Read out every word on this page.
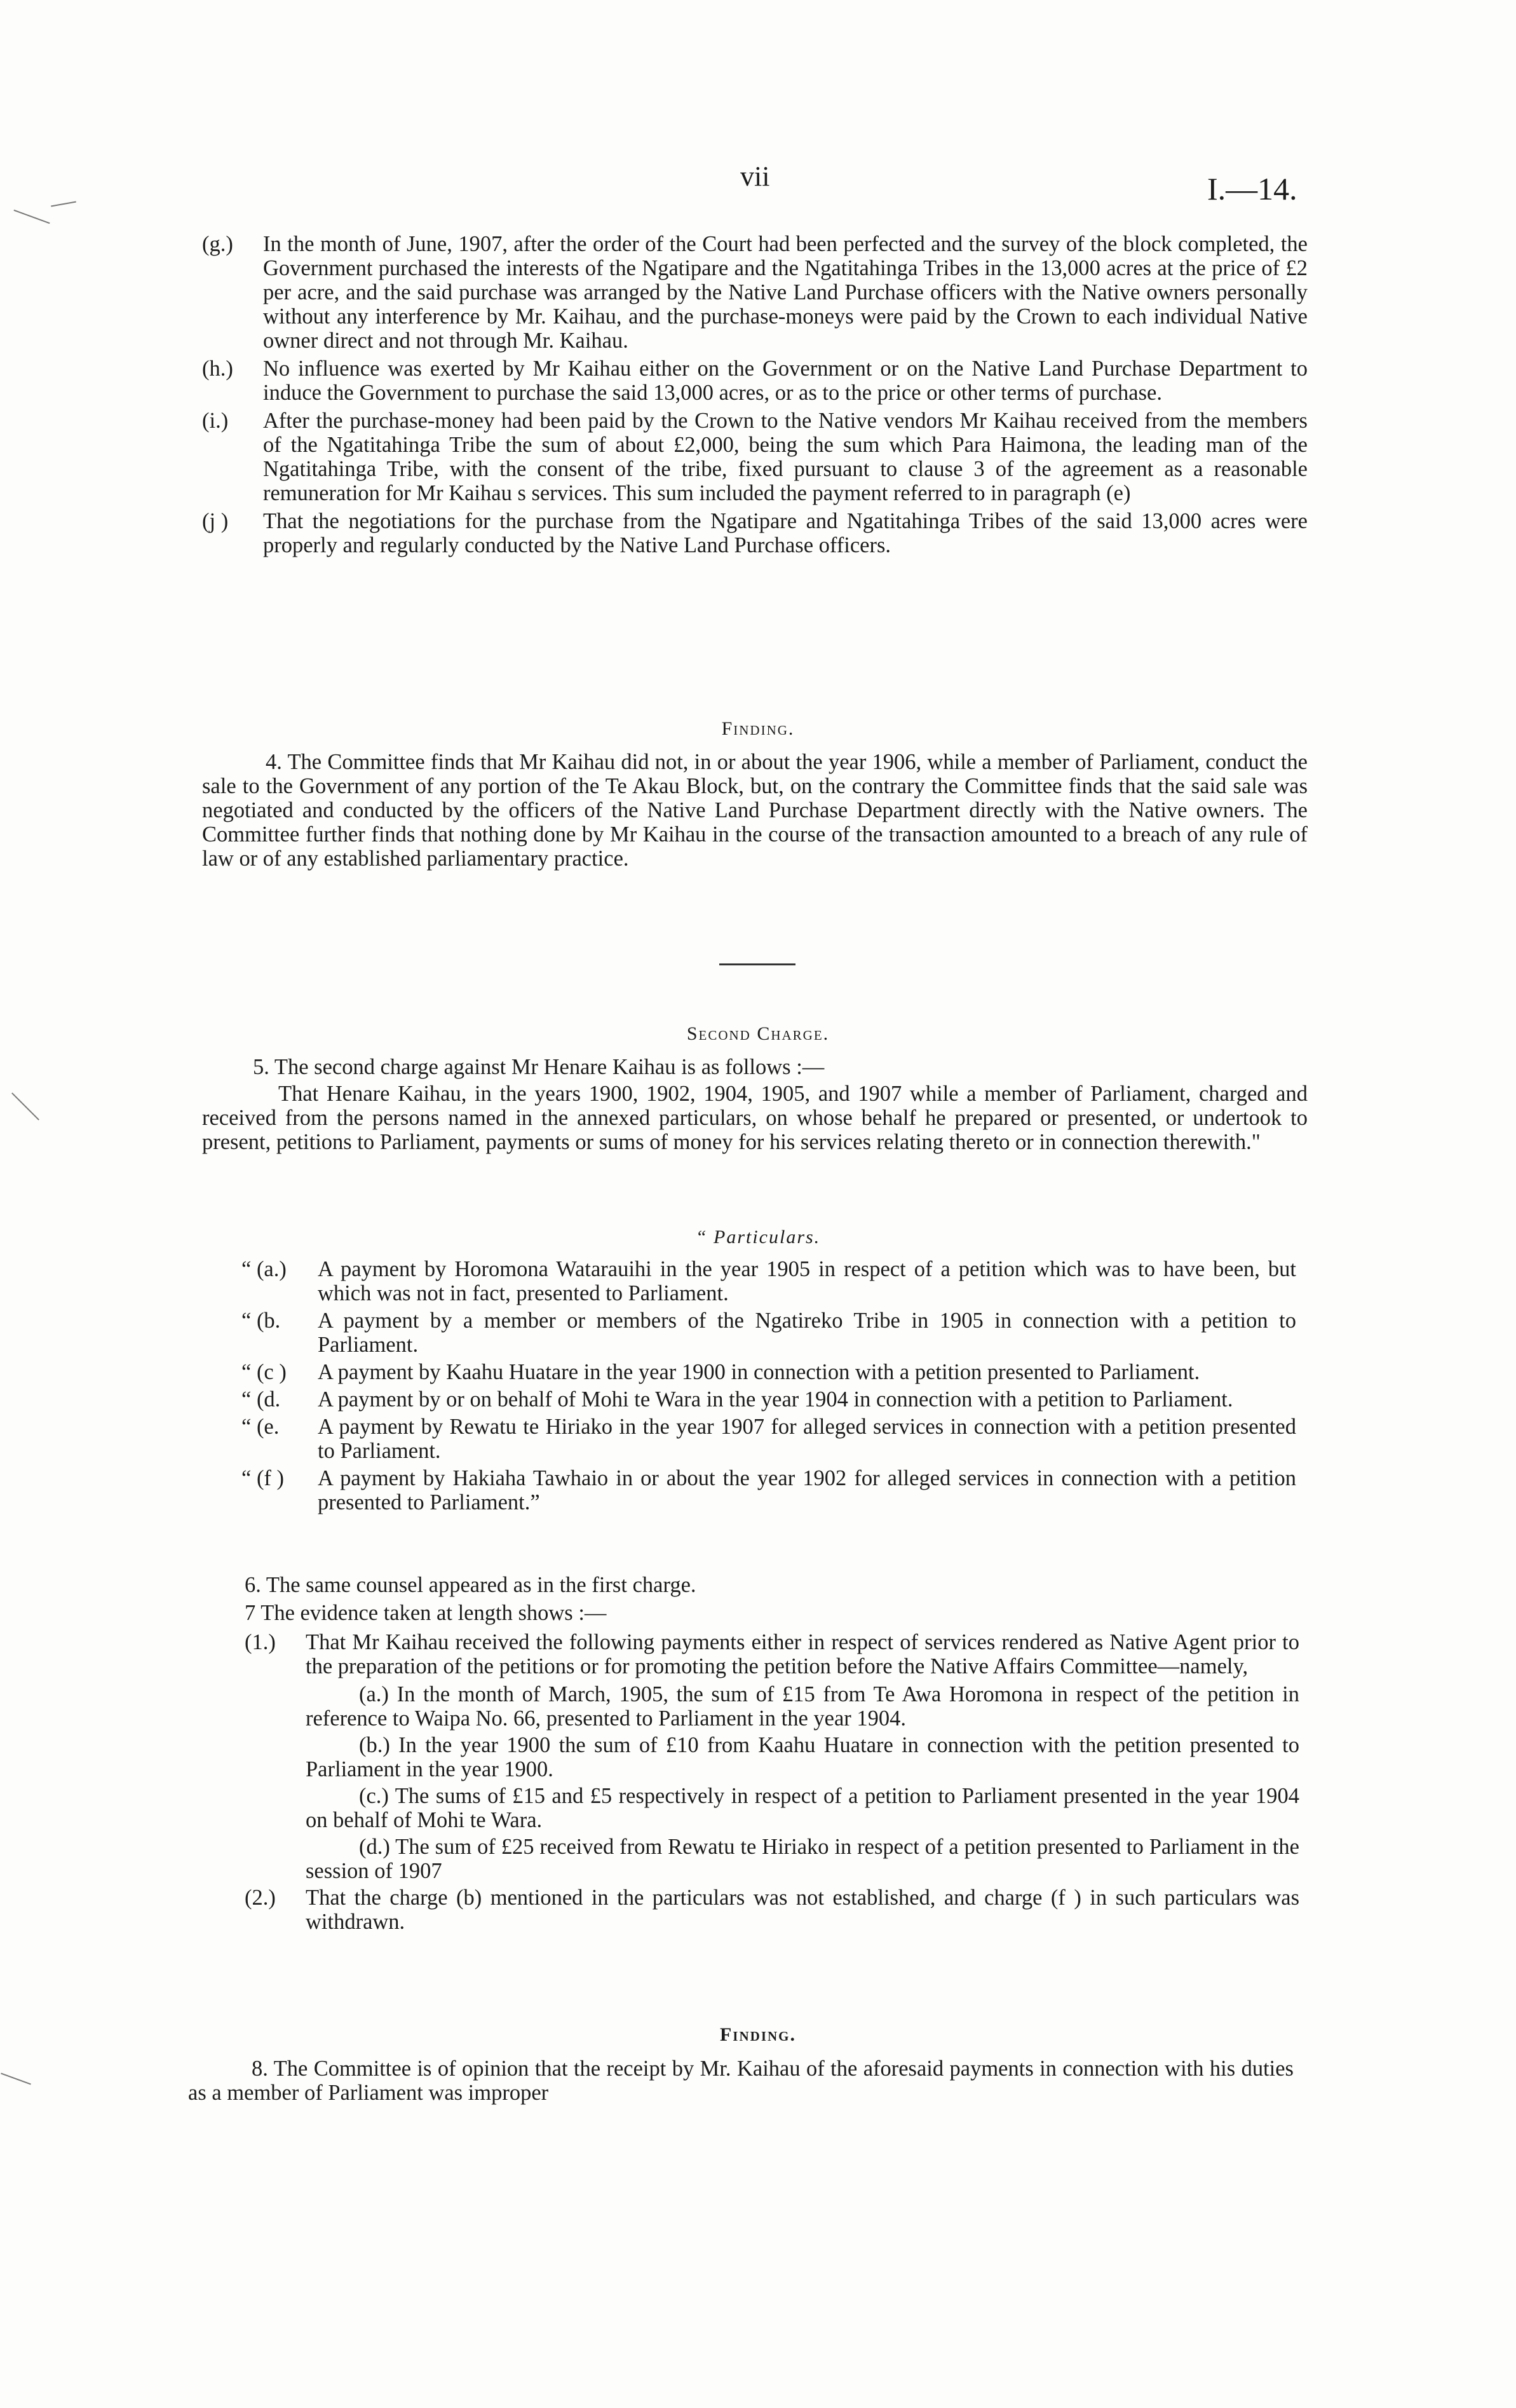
vii	I.—14.
(g.) In the month of June, 1907, after the order of the Court had been perfected and the survey of the block completed, the Government purchased the interests of the Ngatipare and the Ngatitahinga Tribes in the 13,000 acres at the price of £2 per acre, and the said purchase was arranged by the Native Land Purchase officers with the Native owners personally without any interference by Mr. Kaihau, and the purchase-moneys were paid by the Crown to each individual Native owner direct and not through Mr. Kaihau.
(h.) No influence was exerted by Mr Kaihau either on the Government or on the Native Land Purchase Department to induce the Government to purchase the said 13,000 acres, or as to the price or other terms of purchase.
(i.) After the purchase-money had been paid by the Crown to the Native vendors Mr Kaihau received from the members of the Ngatitahinga Tribe the sum of about £2,000, being the sum which Para Haimona, the leading man of the Ngatitahinga Tribe, with the consent of the tribe, fixed pursuant to clause 3 of the agreement as a reasonable remuneration for Mr Kaihau s services. This sum included the payment referred to in paragraph (e)
(j ) That the negotiations for the purchase from the Ngatipare and Ngatitahinga Tribes of the said 13,000 acres were properly and regularly conducted by the Native Land Purchase officers.
Finding.

4. The Committee finds that Mr Kaihau did not, in or about the year 1906, while a member of Parliament, conduct the sale to the Government of any portion of the Te Akau Block, but, on the contrary the Committee finds that the said sale was negotiated and conducted by the officers of the Native Land Purchase Department directly with the Native owners. The Committee further finds that nothing done by Mr Kaihau in the course of the transaction amounted to a breach of any rule of law or of any established parliamentary practice.

Second Charge.

5. The second charge against Mr Henare Kaihau is as follows :—

That Henare Kaihau, in the years 1900, 1902, 1904, 1905, and 1907 while a member of Parliament, charged and received from the persons named in the annexed particulars, on whose behalf he prepared or presented, or undertook to present, petitions to Parliament, payments or sums of money for his services relating thereto or in connection therewith."

“ Particulars.
“ (a.) A payment by Horomona Watarauihi in the year 1905 in respect of a petition which was to have been, but which was not in fact, presented to Parliament.
“ (b. A payment by a member or members of the Ngatireko Tribe in 1905 in connection with a petition to Parliament.
“ (c ) A payment by Kaahu Huatare in the year 1900 in connection with a petition presented to Parliament.
“ (d. A payment by or on behalf of Mohi te Wara in the year 1904 in connection with a petition to Parliament.
“ (e. A payment by Rewatu te Hiriako in the year 1907 for alleged services in connection with a petition presented to Parliament.
“ (f ) A payment by Hakiaha Tawhaio in or about the year 1902 for alleged services in connection with a petition presented to Parliament.”

6. The same counsel appeared as in the first charge.

7 The evidence taken at length shows :—

(1.) That Mr Kaihau received the following payments either in respect of services rendered as Native Agent prior to the preparation of the petitions or for promoting the petition before the Native Affairs Committee—namely,

(a.) In the month of March, 1905, the sum of £15 from Te Awa Horomona in respect of the petition in reference to Waipa No. 66, presented to Parliament in the year 1904.

(b.) In the year 1900 the sum of £10 from Kaahu Huatare in connection with the petition presented to Parliament in the year 1900.

(c.) The sums of £15 and £5 respectively in respect of a petition to Parliament presented in the year 1904 on behalf of Mohi te Wara.

(d.) The sum of £25 received from Rewatu te Hiriako in respect of a petition presented to Parliament in the session of 1907

(2.) That the charge (b) mentioned in the particulars was not established, and charge (f ) in such particulars was withdrawn.
Finding.

8. The Committee is of opinion that the receipt by Mr. Kaihau of the aforesaid payments in connection with his duties as a member of Parliament was improper
